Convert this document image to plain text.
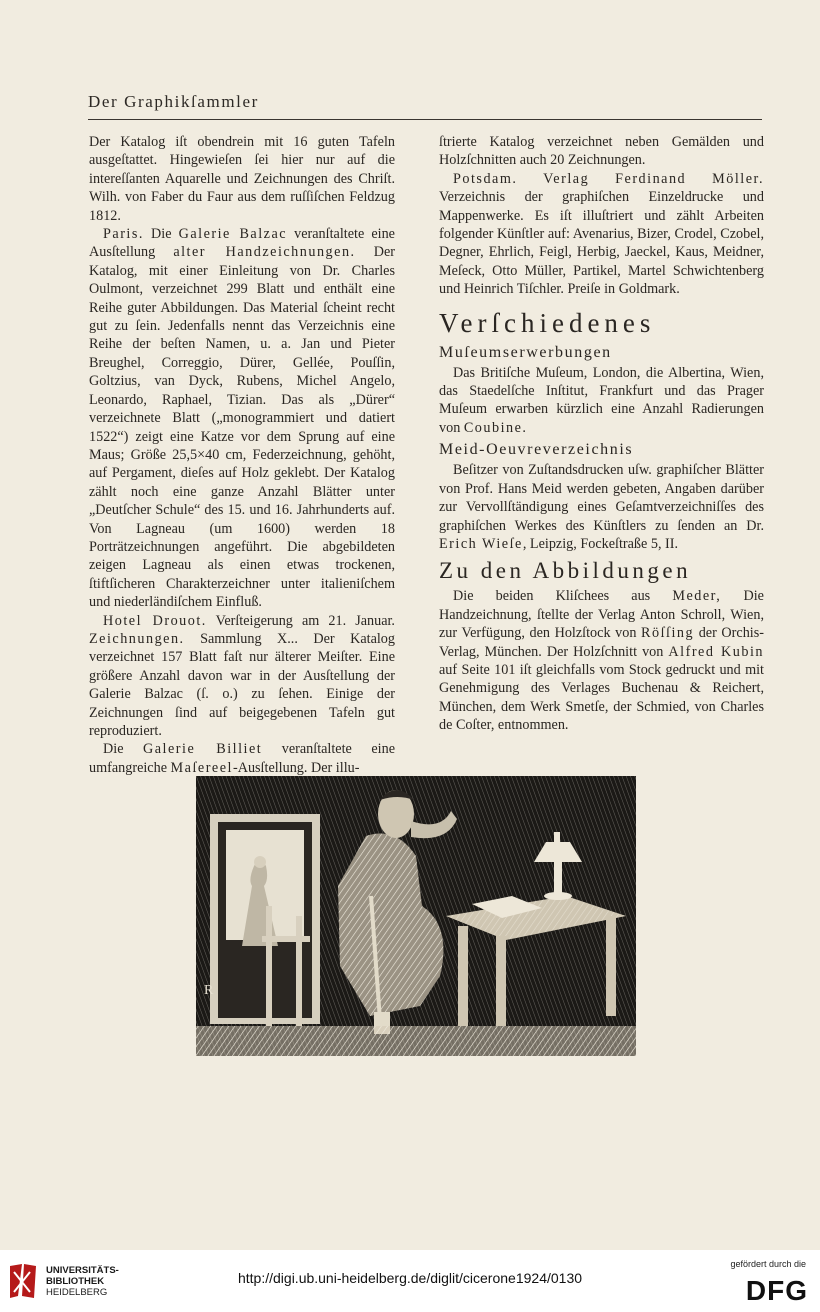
Der Graphikſammler

Der Katalog iſt obendrein mit 16 guten Tafeln ausgeſtattet. Hingewieſen ſei hier nur auf die intereſſanten Aquarelle und Zeichnungen des Chriſt. Wilh. von Faber du Faur aus dem ruſſiſchen Feldzug 1812.

Paris. Die Galerie Balzac veranſtaltete eine Ausſtellung alter Handzeichnungen. Der Katalog, mit einer Einleitung von Dr. Charles Oulmont, verzeichnet 299 Blatt und enthält eine Reihe guter Abbildungen. Das Material ſcheint recht gut zu ſein. Jedenfalls nennt das Verzeichnis eine Reihe der beſten Namen, u. a. Jan und Pieter Breughel, Correggio, Dürer, Gellée, Pouſſin, Goltzius, van Dyck, Rubens, Michel Angelo, Leonardo, Raphael, Tizian. Das als „Dürer“ verzeichnete Blatt („monogrammiert und datiert 1522“) zeigt eine Katze vor dem Sprung auf eine Maus; Größe 25,5×40 cm, Federzeichnung, gehöht, auf Pergament, dieſes auf Holz geklebt. Der Katalog zählt noch eine ganze Anzahl Blätter unter „Deutſcher Schule“ des 15. und 16. Jahrhunderts auf. Von Lagneau (um 1600) werden 18 Porträtzeichnungen angeführt. Die abgebildeten zeigen Lagneau als einen etwas trockenen, ſtiftſicheren Charakterzeichner unter italieniſchem und niederländiſchem Einfluß.

Hotel Drouot. Verſteigerung am 21. Januar. Zeichnungen. Sammlung X... Der Katalog verzeichnet 157 Blatt faſt nur älterer Meiſter. Eine größere Anzahl davon war in der Ausſtellung der Galerie Balzac (ſ. o.) zu ſehen. Einige der Zeichnungen ſind auf beigegebenen Tafeln gut reproduziert.

Die Galerie Billiet veranſtaltete eine umfangreiche Maſereel-Ausſtellung. Der illu-

ſtrierte Katalog verzeichnet neben Gemälden und Holzſchnitten auch 20 Zeichnungen.

Potsdam. Verlag Ferdinand Möller. Verzeichnis der graphiſchen Einzeldrucke und Mappenwerke. Es iſt illuſtriert und zählt Arbeiten folgender Künſtler auf: Avenarius, Bizer, Crodel, Czobel, Degner, Ehrlich, Feigl, Herbig, Jaeckel, Kaus, Meidner, Meſeck, Otto Müller, Partikel, Martel Schwichtenberg und Heinrich Tiſchler. Preiſe in Goldmark.

Verſchiedenes
Muſeumserwerbungen

Das Britiſche Muſeum, London, die Albertina, Wien, das Staedelſche Inſtitut, Frankfurt und das Prager Muſeum erwarben kürzlich eine Anzahl Radierungen von Coubine.

Meid-Oeuvreverzeichnis

Beſitzer von Zuſtandsdrucken uſw. graphiſcher Blätter von Prof. Hans Meid werden gebeten, Angaben darüber zur Vervollſtändigung eines Geſamtverzeichniſſes des graphiſchen Werkes des Künſtlers zu ſenden an Dr. Erich Wieſe, Leipzig, Fockeſtraße 5, II.

Zu den Abbildungen

Die beiden Kliſchees aus Meder, Die Handzeichnung, ſtellte der Verlag Anton Schroll, Wien, zur Verfügung, den Holzſtock von Röſſing der Orchis-Verlag, München. Der Holzſchnitt von Alfred Kubin auf Seite 101 iſt gleichfalls vom Stock gedruckt und mit Genehmigung des Verlages Buchenau & Reichert, München, dem Werk Smetſe, der Schmied, von Charles de Coſter, entnommen.

R
UNIVERSITÄTS-
BIBLIOTHEK
HEIDELBERG
http://digi.ub.uni-heidelberg.de/diglit/cicerone1924/0130
gefördert durch die
DFG
